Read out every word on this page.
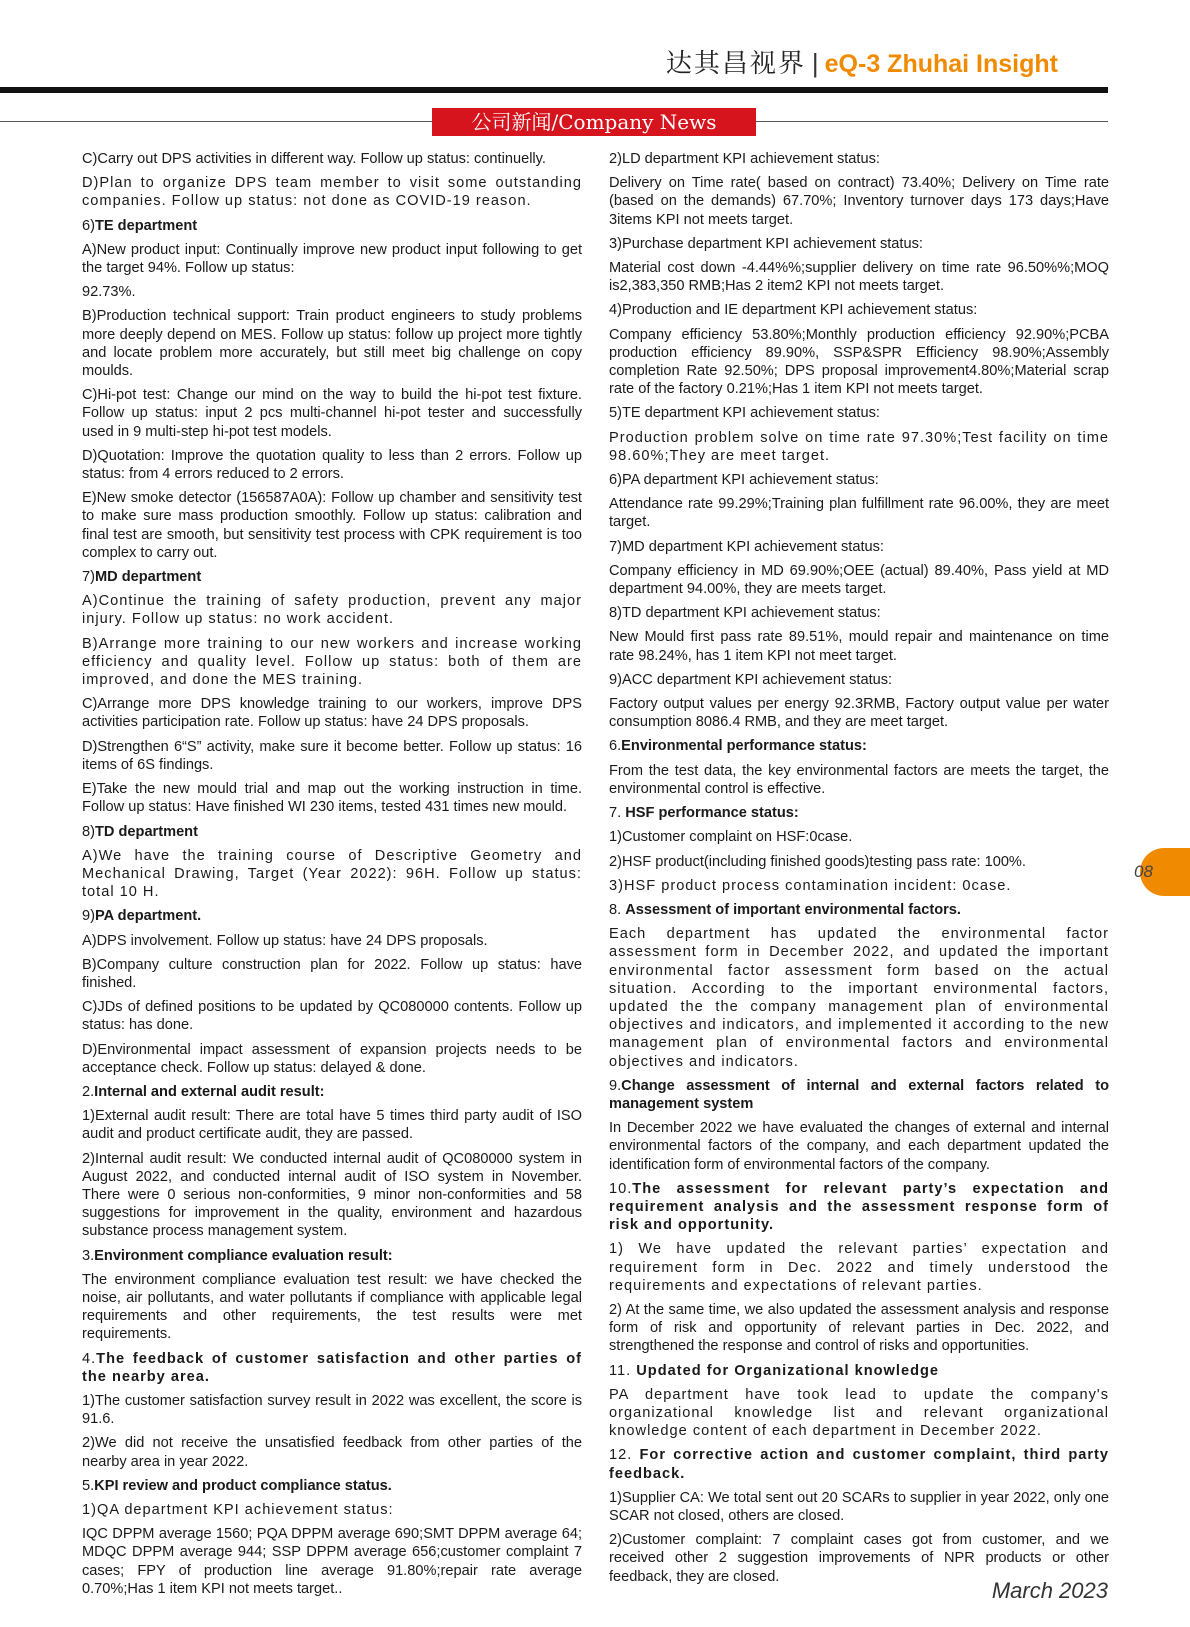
达其昌视界 | eQ-3 Zhuhai Insight
公司新闻/Company News

C)Carry out DPS activities in different way. Follow up status: continuelly.

D)Plan to organize DPS team member to visit some outstanding companies. Follow up status: not done as COVID-19 reason.

6)TE department

A)New product input: Continually improve new product input following to get the target 94%. Follow up status:

92.73%.

B)Production technical support: Train product engineers to study problems more deeply depend on MES. Follow up status: follow up project more tightly and locate problem more accurately, but still meet big challenge on copy moulds.

C)Hi-pot test: Change our mind on the way to build the hi-pot test fixture. Follow up status: input 2 pcs multi-channel hi-pot tester and successfully used in 9 multi-step hi-pot test models.

D)Quotation: Improve the quotation quality to less than 2 errors. Follow up status: from 4 errors reduced to 2 errors.

E)New smoke detector (156587A0A): Follow up chamber and sensitivity test to make sure mass production smoothly. Follow up status: calibration and final test are smooth, but sensitivity test process with CPK requirement is too complex to carry out.

7)MD department

A)Continue the training of safety production, prevent any major injury. Follow up status: no work accident.

B)Arrange more training to our new workers and increase working efficiency and quality level. Follow up status: both of them are improved, and done the MES training.

C)Arrange more DPS knowledge training to our workers, improve DPS activities participation rate. Follow up status: have 24 DPS proposals.

D)Strengthen 6“S” activity, make sure it become better. Follow up status: 16 items of 6S findings.

E)Take the new mould trial and map out the working instruction in time. Follow up status: Have finished WI 230 items, tested 431 times new mould.

8)TD department

A)We have the training course of Descriptive Geometry and Mechanical Drawing, Target (Year 2022): 96H. Follow up status: total 10 H.

9)PA department.

A)DPS involvement. Follow up status: have 24 DPS proposals.

B)Company culture construction plan for 2022. Follow up status: have finished.

C)JDs of defined positions to be updated by QC080000 contents. Follow up status: has done.

D)Environmental impact assessment of expansion projects needs to be acceptance check. Follow up status: delayed & done.

2.Internal and external audit result:

1)External audit result: There are total have 5 times third party audit of ISO audit and product certificate audit, they are passed.

2)Internal audit result: We conducted internal audit of QC080000 system in August 2022, and conducted internal audit of ISO system in November. There were 0 serious non-conformities, 9 minor non-conformities and 58 suggestions for improvement in the quality, environment and hazardous substance process management system.

3.Environment compliance evaluation result:

The environment compliance evaluation test result: we have checked the noise, air pollutants, and water pollutants if compliance with applicable legal requirements and other requirements, the test results were met requirements.

4.The feedback of customer satisfaction and other parties of the nearby area.

1)The customer satisfaction survey result in 2022 was excellent, the score is 91.6.

2)We did not receive the unsatisfied feedback from other parties of the nearby area in year 2022.

5.KPI review and product compliance status.

1)QA department KPI achievement status:

IQC DPPM average 1560; PQA DPPM average 690;SMT DPPM average 64; MDQC DPPM average 944; SSP DPPM average 656;customer complaint 7 cases; FPY of production line average 91.80%;repair rate average 0.70%;Has 1 item KPI not meets target..

2)LD department KPI achievement status:

Delivery on Time rate( based on contract) 73.40%; Delivery on Time rate (based on the demands) 67.70%; Inventory turnover days 173 days;Have 3items KPI not meets target.

3)Purchase department KPI achievement status:

Material cost down -4.44%%;supplier delivery on time rate 96.50%%;MOQ is2,383,350 RMB;Has 2 item2 KPI not meets target.

4)Production and IE department KPI achievement status:

Company efficiency 53.80%;Monthly production efficiency 92.90%;PCBA production efficiency 89.90%, SSP&SPR Efficiency 98.90%;Assembly completion Rate 92.50%; DPS proposal improvement4.80%;Material scrap rate of the factory 0.21%;Has 1 item KPI not meets target.

5)TE department KPI achievement status:

Production problem solve on time rate 97.30%;Test facility on time 98.60%;They are meet target.

6)PA department KPI achievement status:

Attendance rate 99.29%;Training plan fulfillment rate 96.00%, they are meet target.

7)MD department KPI achievement status:

Company efficiency in MD 69.90%;OEE (actual) 89.40%, Pass yield at MD department 94.00%, they are meets target.

8)TD department KPI achievement status:

New Mould first pass rate 89.51%, mould repair and maintenance on time rate 98.24%, has 1 item KPI not meet target.

9)ACC department KPI achievement status:

Factory output values per energy 92.3RMB, Factory output value per water consumption 8086.4 RMB, and they are meet target.

6.Environmental performance status:

From the test data, the key environmental factors are meets the target, the environmental control is effective.

7. HSF performance status:

1)Customer complaint on HSF:0case.

2)HSF product(including finished goods)testing pass rate: 100%.

3)HSF product process contamination incident: 0case.

8. Assessment of important environmental factors.

Each department has updated the environmental factor assessment form in December 2022, and updated the important environmental factor assessment form based on the actual situation. According to the important environmental factors, updated the the company management plan of environmental objectives and indicators, and implemented it according to the new management plan of environmental factors and environmental objectives and indicators.

9.Change assessment of internal and external factors related to management system

In December 2022 we have evaluated the changes of external and internal environmental factors of the company, and each department updated the identification form of environmental factors of the company.

10.The assessment for relevant party’s expectation and requirement analysis and the assessment response form of risk and opportunity.

1) We have updated the relevant parties’ expectation and requirement form in Dec. 2022 and timely understood the requirements and expectations of relevant parties.

2) At the same time, we also updated the assessment analysis and response form of risk and opportunity of relevant parties in Dec. 2022, and strengthened the response and control of risks and opportunities.

11. Updated for Organizational knowledge

PA department have took lead to update the company's organizational knowledge list and relevant organizational knowledge content of each department in December 2022.

12. For corrective action and customer complaint, third party feedback.

1)Supplier CA: We total sent out 20 SCARs to supplier in year 2022, only one SCAR not closed, others are closed.

2)Customer complaint: 7 complaint cases got from customer, and we received other 2 suggestion improvements of NPR products or other feedback, they are closed.

08
March 2023
